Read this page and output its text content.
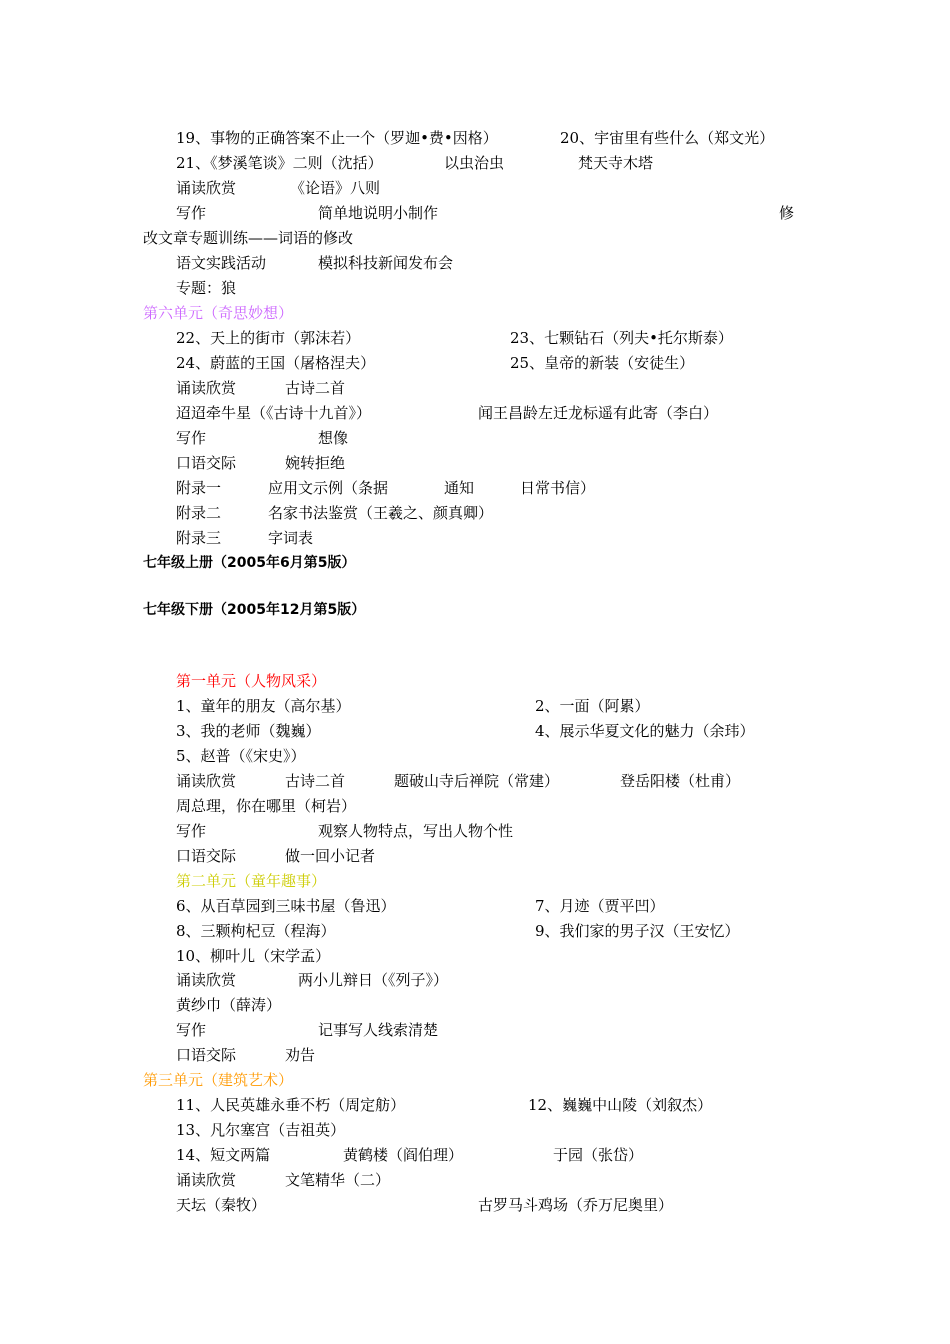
19、事物的正确答案不止一个（罗迦•费•因格）	20、宇宙里有些什么（郑文光）
21、《梦溪笔谈》二则（沈括）	以虫治虫	梵天寺木塔
诵读欣赏	《论语》八则
写作	简单地说明小制作	修
改文章专题训练——词语的修改
语文实践活动	模拟科技新闻发布会
专题：狼
第六单元（奇思妙想）
22、天上的街市（郭沫若）	23、七颗钻石（列夫•托尔斯泰）
24、蔚蓝的王国（屠格涅夫）	25、皇帝的新装（安徒生）
诵读欣赏	古诗二首
迢迢牵牛星（《古诗十九首》）	闻王昌龄左迁龙标遥有此寄（李白）
写作	想像
口语交际	婉转拒绝
附录一	应用文示例（条据	通知	日常书信）
附录二	名家书法鉴赏（王羲之、颜真卿）
附录三	字词表
七年级上册（2005年6月第5版）
七年级下册（2005年12月第5版）
第一单元（人物风采）
1、童年的朋友（高尔基）	2、一面（阿累）
3、我的老师（魏巍）	4、展示华夏文化的魅力（余玮）
5、赵普（《宋史》）
诵读欣赏	古诗二首	题破山寺后禅院（常建）	登岳阳楼（杜甫）
周总理，你在哪里（柯岩）
写作	观察人物特点，写出人物个性
口语交际	做一回小记者
第二单元（童年趣事）
6、从百草园到三味书屋（鲁迅）	7、月迹（贾平凹）
8、三颗枸杞豆（程海）	9、我们家的男子汉（王安忆）
10、柳叶儿（宋学孟）
诵读欣赏	两小儿辩日（《列子》）
黄纱巾（薛涛）
写作	记事写人线索清楚
口语交际	劝告
第三单元（建筑艺术）
11、人民英雄永垂不朽（周定舫）	12、巍巍中山陵（刘叙杰）
13、凡尔塞宫（吉祖英）
14、短文两篇	黄鹤楼（阎伯理）	于园（张岱）
诵读欣赏	文笔精华（二）
天坛（秦牧）	古罗马斗鸡场（乔万尼奥里）
